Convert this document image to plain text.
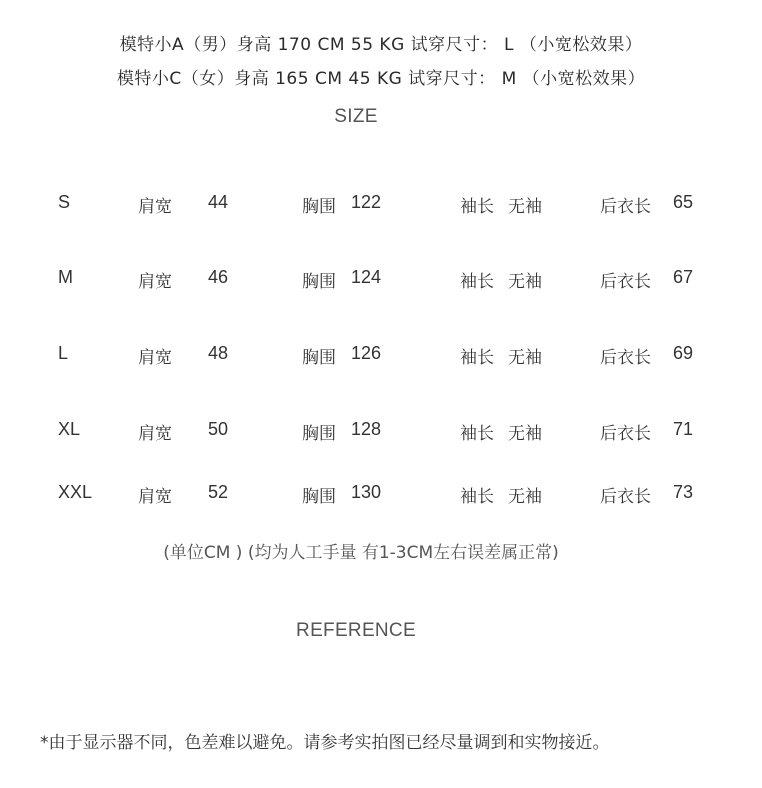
模特小A（男）身高 170 CM 55 KG 试穿尺寸： L （小宽松效果）
模特小C（女）身高 165 CM 45 KG 试穿尺寸： M （小宽松效果）
SIZE
S	肩宽 44	胸围 122	袖长 无袖	后衣长 65
M	肩宽 46	胸围 124	袖长 无袖	后衣长 67
L	肩宽 48	胸围 126	袖长 无袖	后衣长 69
XL	肩宽 50	胸围 128	袖长 无袖	后衣长 71
XXL	肩宽 52	胸围 130	袖长 无袖	后衣长 73
(单位CM ) (均为人工手量 有1-3CM左右误差属正常)
REFERENCE
*由于显示器不同，色差难以避免。请参考实拍图已经尽量调到和实物接近。
